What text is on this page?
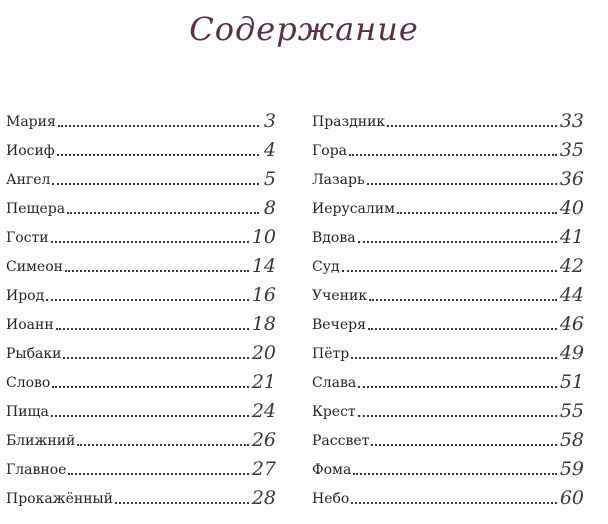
Содержание
Мария	3
Иосиф	4
Ангел	5
Пещера	8
Гости	10
Симеон	14
Ирод	16
Иоанн	18
Рыбаки	20
Слово	21
Пища	24
Ближний	26
Главное	27
Прокажённый	28
Праздник	33
Гора	35
Лазарь	36
Иерусалим	40
Вдова	41
Суд	42
Ученик	44
Вечеря	46
Пётр	49
Слава	51
Крест	55
Рассвет	58
Фома	59
Небо	60
